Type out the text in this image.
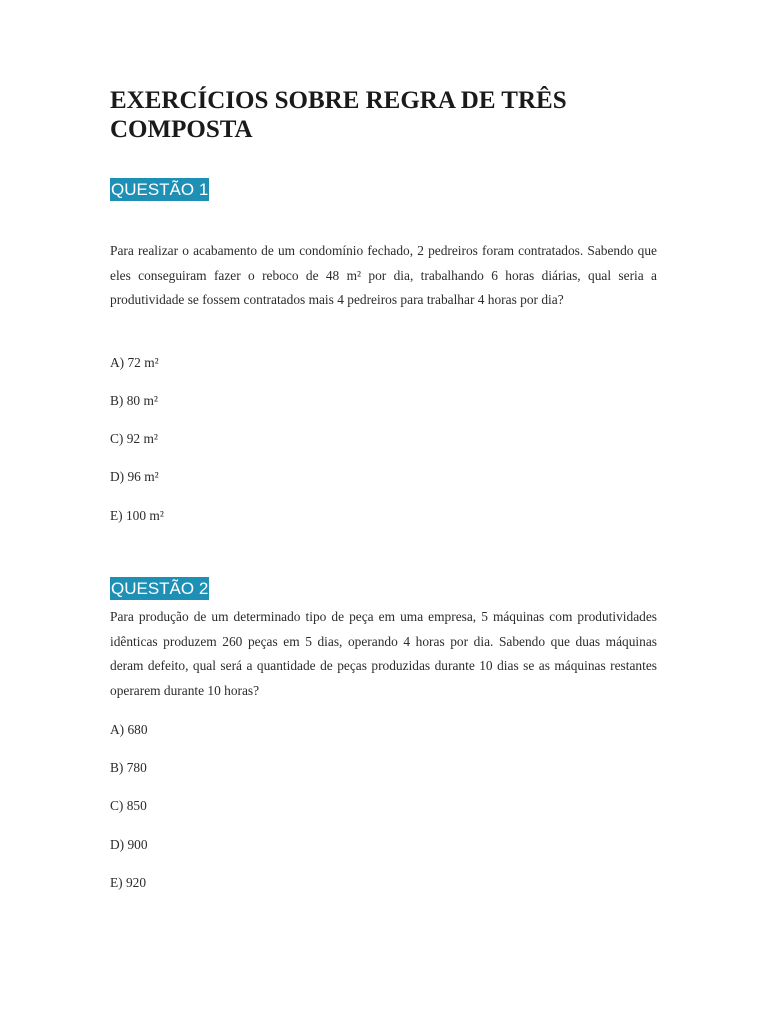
EXERCÍCIOS SOBRE REGRA DE TRÊS COMPOSTA
QUESTÃO 1

Para realizar o acabamento de um condomínio fechado, 2 pedreiros foram contratados. Sabendo que eles conseguiram fazer o reboco de 48 m² por dia, trabalhando 6 horas diárias, qual seria a produtividade se fossem contratados mais 4 pedreiros para trabalhar 4 horas por dia?

A) 72 m²

B) 80 m²

C) 92 m²

D) 96 m²

E) 100 m²

QUESTÃO 2

Para produção de um determinado tipo de peça em uma empresa, 5 máquinas com produtividades idênticas produzem 260 peças em 5 dias, operando 4 horas por dia. Sabendo que duas máquinas deram defeito, qual será a quantidade de peças produzidas durante 10 dias se as máquinas restantes operarem durante 10 horas?

A) 680

B) 780

C) 850

D) 900

E) 920
